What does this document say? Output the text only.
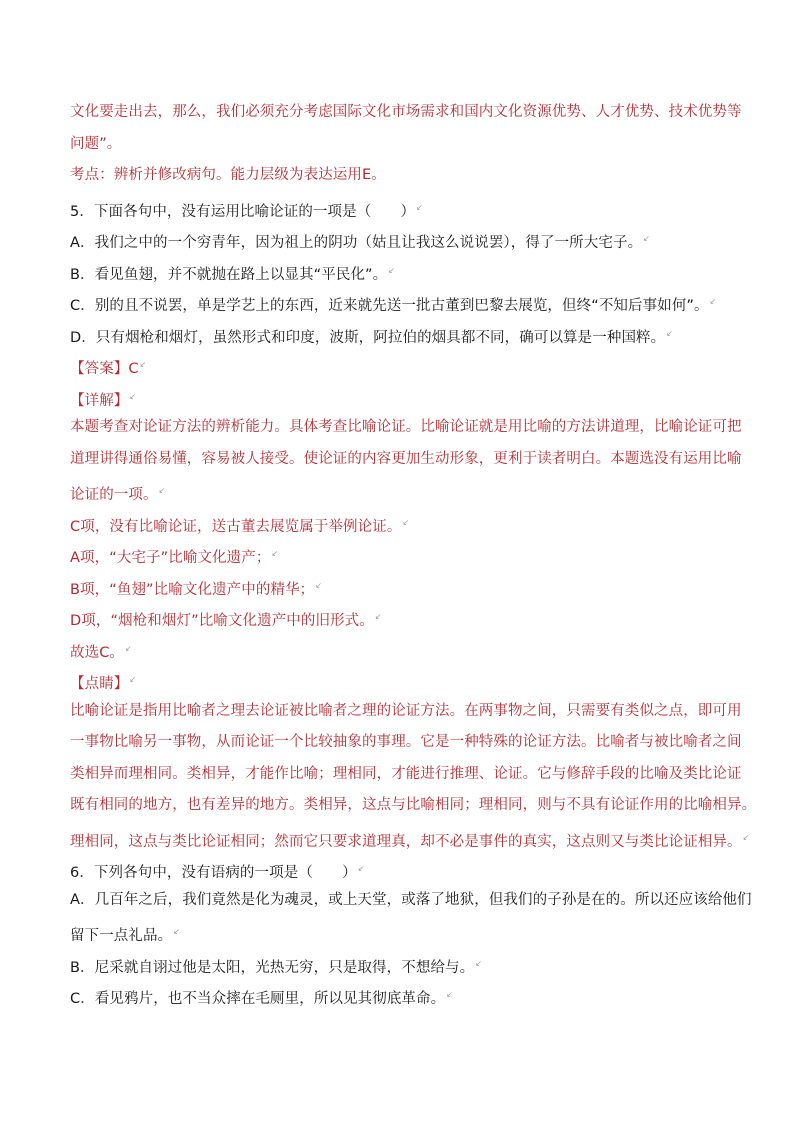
文化要走出去，那么，我们必须充分考虑国际文化市场需求和国内文化资源优势、人才优势、技术优势等
问题”。
考点：辨析并修改病句。能力层级为表达运用E。
5．下面各句中，没有运用比喻论证的一项是（　　） ↙
A．我们之中的一个穷青年，因为祖上的阴功（姑且让我这么说说罢），得了一所大宅子。 ↙
B．看见鱼翅，并不就抛在路上以显其“平民化”。 ↙
C．别的且不说罢，单是学艺上的东西，近来就先送一批古董到巴黎去展览，但终“不知后事如何”。 ↙
D．只有烟枪和烟灯，虽然形式和印度，波斯，阿拉伯的烟具都不同，确可以算是一种国粹。 ↙
【答案】C ↙
【详解】 ↙
本题考查对论证方法的辨析能力。具体考查比喻论证。比喻论证就是用比喻的方法讲道理，比喻论证可把
道理讲得通俗易懂，容易被人接受。使论证的内容更加生动形象，更利于读者明白。本题选没有运用比喻
论证的一项。 ↙
C项，没有比喻论证，送古董去展览属于举例论证。 ↙
A项，“大宅子”比喻文化遗产； ↙
B项，“鱼翅”比喻文化遗产中的精华； ↙
D项，“烟枪和烟灯”比喻文化遗产中的旧形式。 ↙
故选C。 ↙
【点睛】 ↙
比喻论证是指用比喻者之理去论证被比喻者之理的论证方法。在两事物之间，只需要有类似之点，即可用
一事物比喻另一事物，从而论证一个比较抽象的事理。它是一种特殊的论证方法。比喻者与被比喻者之间
类相异而理相同。类相异，才能作比喻；理相同，才能进行推理、论证。它与修辞手段的比喻及类比论证
既有相同的地方，也有差异的地方。类相异，这点与比喻相同；理相同，则与不具有论证作用的比喻相异。
理相同，这点与类比论证相同；然而它只要求道理真，却不必是事件的真实，这点则又与类比论证相异。 ↙
6．下列各句中，没有语病的一项是（　　） ↙
A．几百年之后，我们竟然是化为魂灵，或上天堂，或落了地狱，但我们的子孙是在的。所以还应该给他们
留下一点礼品。 ↙
B．尼采就自诩过他是太阳，光热无穷，只是取得，不想给与。 ↙
C．看见鸦片，也不当众摔在毛厕里，所以见其彻底革命。 ↙
